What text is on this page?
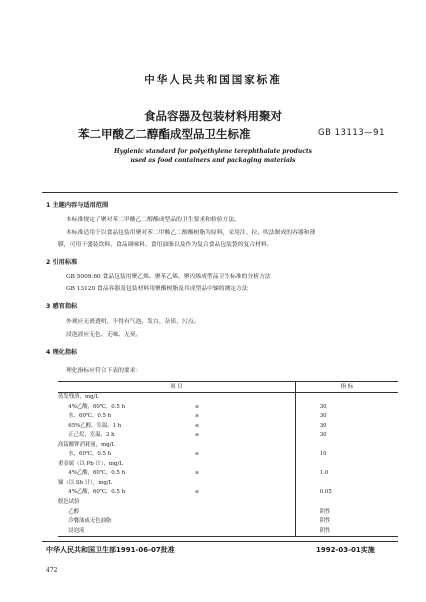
中华人民共和国国家标准
食品容器及包装材料用聚对
苯二甲酸乙二醇酯成型品卫生标准	GB 13113—91
Hygienic standard for polyethylene terephthalate products
used as food containers and packaging materials
1 主题内容与适用范围
本标准规定了聚对苯二甲酸乙二醇酯成型品的卫生要求和检验方法。
本标准适用于以食品包装用聚对苯二甲酸乙二醇酯树脂为原料，采用注、拉、吹法制成的容器和薄
膜，可用于盛装饮料、食品调味料、食用油脂以及作为复合食品包装袋的复合材料。
2 引用标准
GB 5009.60 食品包装用聚乙烯、聚苯乙烯、聚丙烯成型品卫生标准的分析方法
GB 13120 食品容器及包装材料用聚酯树脂及其成型品中锑的测定方法
3 感官指标
外观应无滑透明，不得有气泡、发白、杂质、污点。
浸泡液应无色、无味、无臭。
4 理化指标
理化指标应符合下表的要求：
项 目		指 标
蒸发残渣，mg/L		
4%乙酸，60℃，0.5 h	≤	30
水，60℃，0.5 h	≤	30
65%乙醇，室温，1 h	≤	30
正己烷，室温，2 h	≤	30
高锰酸钾消耗量，mg/L		
水，60℃，0.5 h	≤	10
重金属（以 Pb 计），mg/L		
4%乙酸，60℃，0.5 h	≤	1.0
锑（以 Sb 计），mg/L		
4%乙酸，60℃，0.5 h	≤	0.05
脱色试验		
乙醇		阴性
冷餐油或无色油脂		阴性
浸泡液		阴性
中华人民共和国卫生部1991-06-07批准	1992-03-01实施
472
